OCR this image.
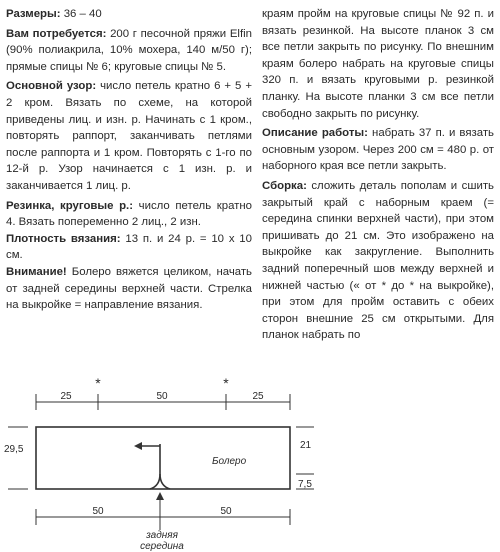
Размеры: 36 – 40

Вам потребуется: 200 г песочной пряжи Elfin (90% полиакрила, 10% мохера, 140 м/50 г); прямые спицы № 6; круговые спицы № 5.

Основной узор: число петель кратно 6 + 5 + 2 кром. Вязать по схеме, на которой приведены лиц. и изн. р. Начинать с 1 кром., повторять раппорт, заканчивать петлями после раппорта и 1 кром. Повторять с 1-го по 12-й р. Узор начинается с 1 изн. р. и заканчивается 1 лиц. р.

Резинка, круговые р.: число петель кратно 4. Вязать попеременно 2 лиц., 2 изн.

Плотность вязания: 13 п. и 24 р. = 10 х 10 см.

Внимание! Болеро вяжется целиком, начать от задней середины верхней части. Стрелка на выкройке = направление вязания.

краям пройм на круговые спицы № 92 п. и вязать резинкой. На высоте планок 3 см все петли закрыть по рисунку. По внешним краям болеро набрать на круговые спицы 320 п. и вязать круговыми р. резинкой планку. На высоте планки 3 см все петли свободно закрыть по рисунку.

Описание работы: набрать 37 п. и вязать основным узором. Через 200 см = 480 р. от наборного края все петли закрыть.

Сборка: сложить деталь пополам и сшить закрытый край с наборным краем (= середина спинки верхней части), при этом пришивать до 21 см. Это изображено на выкройке как закругление. Выполнить задний поперечный шов между верхней и нижней частью (« от * до * на выкройке), при этом для пройм оставить с обеих сторон внешние 25 см открытыми. Для планок набрать по

25	50	25
*	*
29,5	21
7,5
50	50
Болеро
задняя
середина
